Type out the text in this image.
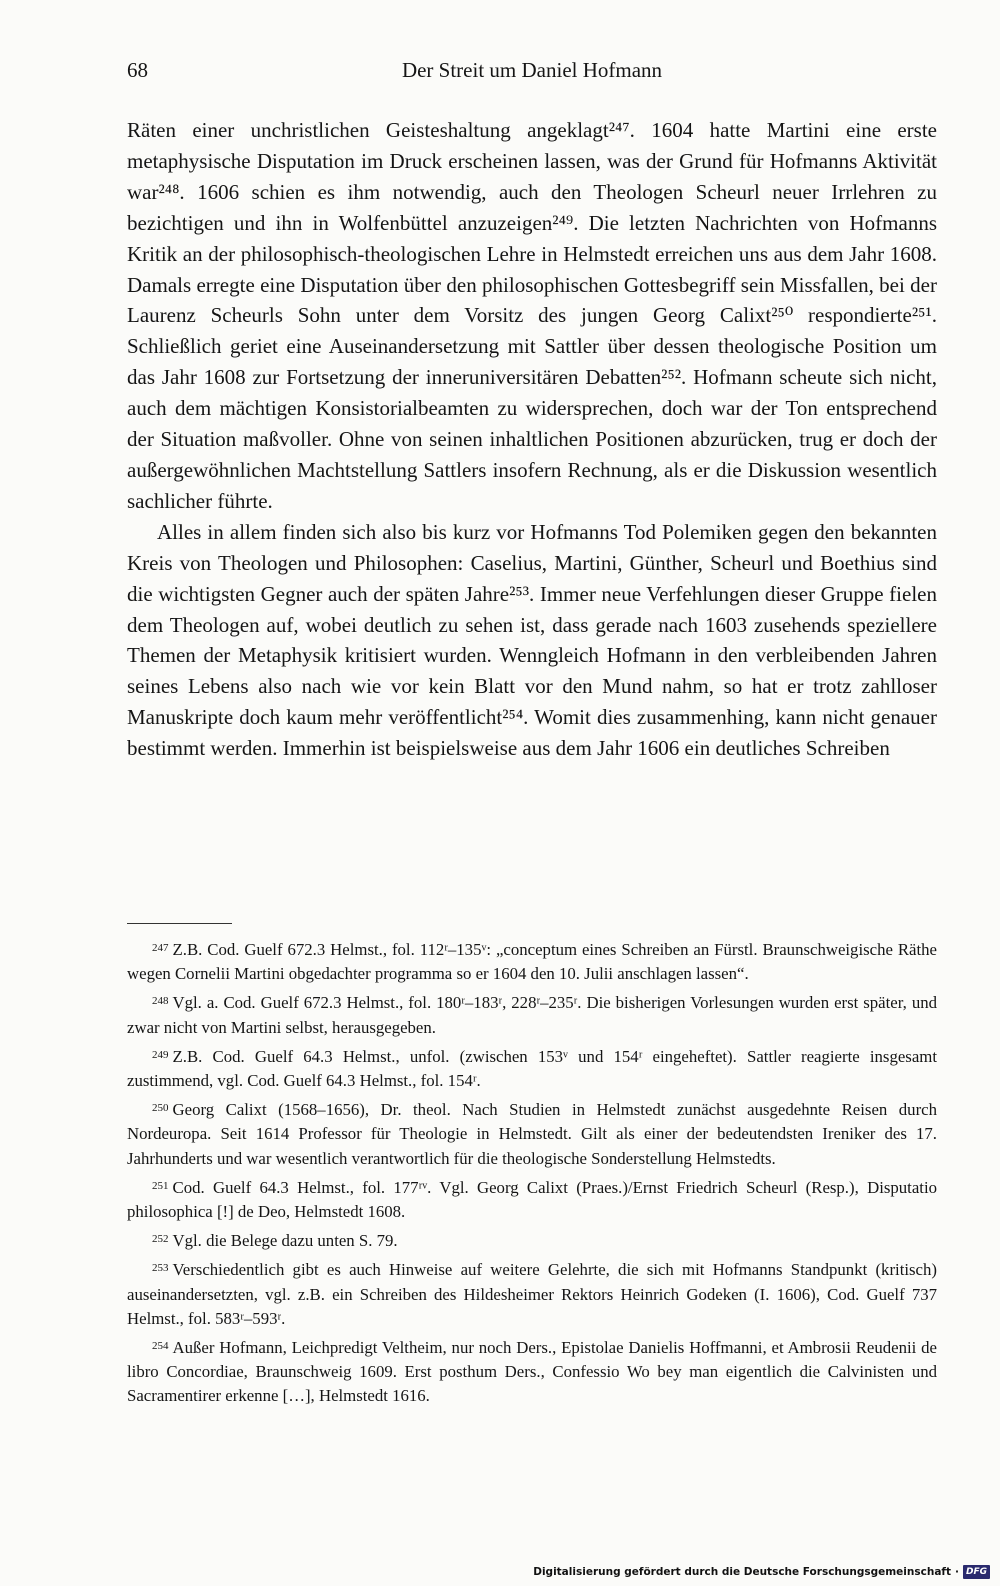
68	Der Streit um Daniel Hofmann

Räten einer unchristlichen Geisteshaltung angeklagt²⁴⁷. 1604 hatte Martini eine erste metaphysische Disputation im Druck erscheinen lassen, was der Grund für Hofmanns Aktivität war²⁴⁸. 1606 schien es ihm notwendig, auch den Theologen Scheurl neuer Irrlehren zu bezichtigen und ihn in Wolfenbüttel anzuzeigen²⁴⁹. Die letzten Nachrichten von Hofmanns Kritik an der philosophisch-theologischen Lehre in Helmstedt erreichen uns aus dem Jahr 1608. Damals erregte eine Disputation über den philosophischen Gottesbegriff sein Missfallen, bei der Laurenz Scheurls Sohn unter dem Vorsitz des jungen Georg Calixt²⁵⁰ respondierte²⁵¹. Schließlich geriet eine Auseinandersetzung mit Sattler über dessen theologische Position um das Jahr 1608 zur Fortsetzung der inneruniversitären Debatten²⁵². Hofmann scheute sich nicht, auch dem mächtigen Konsistorialbeamten zu widersprechen, doch war der Ton entsprechend der Situation maßvoller. Ohne von seinen inhaltlichen Positionen abzurücken, trug er doch der außergewöhnlichen Machtstellung Sattlers insofern Rechnung, als er die Diskussion wesentlich sachlicher führte.

Alles in allem finden sich also bis kurz vor Hofmanns Tod Polemiken gegen den bekannten Kreis von Theologen und Philosophen: Caselius, Martini, Günther, Scheurl und Boethius sind die wichtigsten Gegner auch der späten Jahre²⁵³. Immer neue Verfehlungen dieser Gruppe fielen dem Theologen auf, wobei deutlich zu sehen ist, dass gerade nach 1603 zusehends speziellere Themen der Metaphysik kritisiert wurden. Wenngleich Hofmann in den verbleibenden Jahren seines Lebens also nach wie vor kein Blatt vor den Mund nahm, so hat er trotz zahlloser Manuskripte doch kaum mehr veröffentlicht²⁵⁴. Womit dies zusammenhing, kann nicht genauer bestimmt werden. Immerhin ist beispielsweise aus dem Jahr 1606 ein deutliches Schreiben

$^{247}$ Z.B. Cod. Guelf 672.3 Helmst., fol. 112ʳ–135ᵛ: „conceptum eines Schreiben an Fürstl. Braunschweigische Räthe wegen Cornelii Martini obgedachter programma so er 1604 den 10. Julii anschlagen lassen“.

$^{248}$ Vgl. a. Cod. Guelf 672.3 Helmst., fol. 180ʳ–183ʳ, 228ʳ–235ʳ. Die bisherigen Vorlesungen wurden erst später, und zwar nicht von Martini selbst, herausgegeben.

$^{249}$ Z.B. Cod. Guelf 64.3 Helmst., unfol. (zwischen 153ᵛ und 154ʳ eingeheftet). Sattler reagierte insgesamt zustimmend, vgl. Cod. Guelf 64.3 Helmst., fol. 154ʳ.

$^{250}$ Georg Calixt (1568–1656), Dr. theol. Nach Studien in Helmstedt zunächst ausgedehnte Reisen durch Nordeuropa. Seit 1614 Professor für Theologie in Helmstedt. Gilt als einer der bedeutendsten Ireniker des 17. Jahrhunderts und war wesentlich verantwortlich für die theologische Sonderstellung Helmstedts.

$^{251}$ Cod. Guelf 64.3 Helmst., fol. 177ʳᵛ. Vgl. Georg Calixt (Praes.)/Ernst Friedrich Scheurl (Resp.), Disputatio philosophica [!] de Deo, Helmstedt 1608.

$^{252}$ Vgl. die Belege dazu unten S. 79.

$^{253}$ Verschiedentlich gibt es auch Hinweise auf weitere Gelehrte, die sich mit Hofmanns Standpunkt (kritisch) auseinandersetzten, vgl. z.B. ein Schreiben des Hildesheimer Rektors Heinrich Godeken (I. 1606), Cod. Guelf 737 Helmst., fol. 583ʳ–593ʳ.

$^{254}$ Außer Hofmann, Leichpredigt Veltheim, nur noch Ders., Epistolae Danielis Hoffmanni, et Ambrosii Reudenii de libro Concordiae, Braunschweig 1609. Erst posthum Ders., Confessio Wo bey man eigentlich die Calvinisten und Sacramentirer erkenne […], Helmstedt 1616.

Digitalisierung gefördert durch die Deutsche Forschungsgemeinschaft · DFG
